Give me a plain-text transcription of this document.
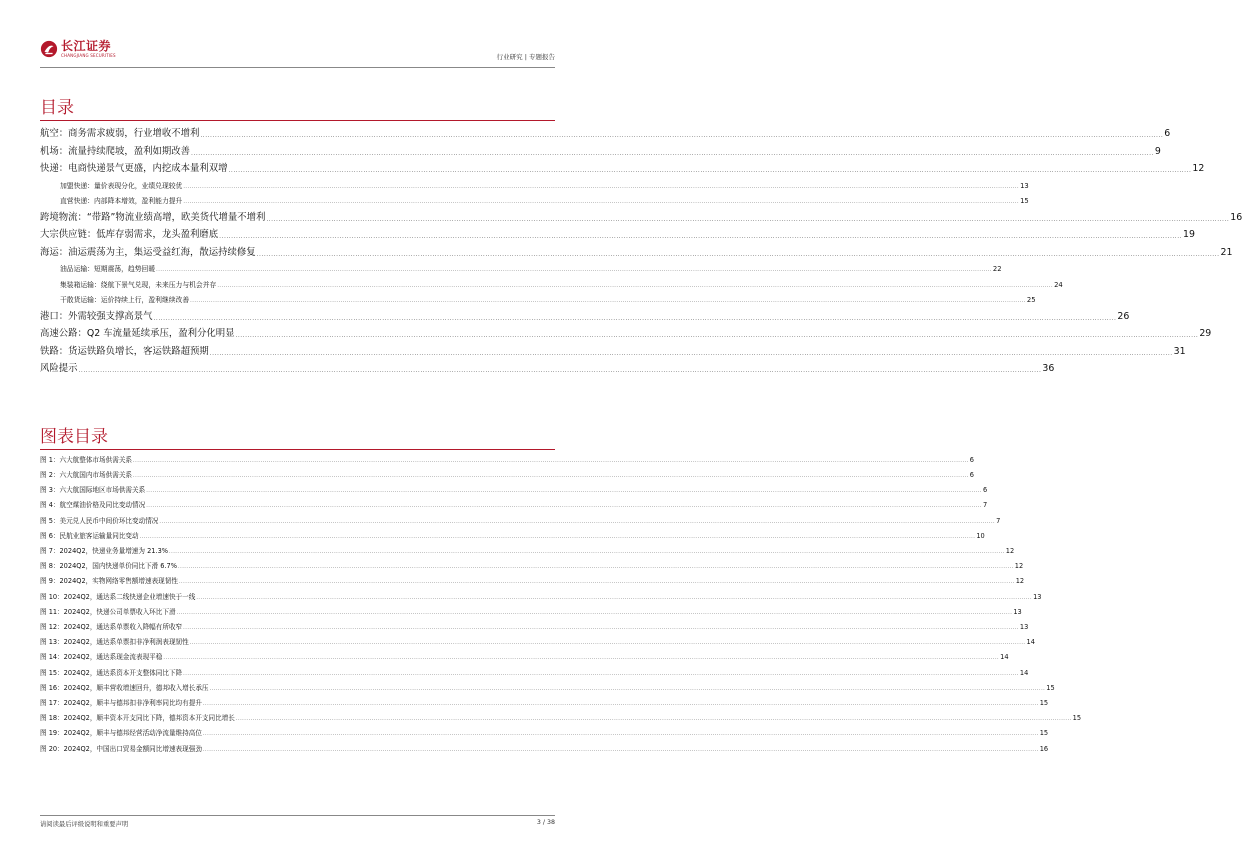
长江证券
CHANGJIANG SECURITIES	行业研究 | 专题报告
目录
航空：商务需求疲弱，行业增收不增利 ................................................................................................................................................................................................................................................................................................................................................................................................................ 6
机场：流量持续爬坡，盈利如期改善 ................................................................................................................................................................................................................................................................................................................................................................................................................ 9
快递：电商快递景气更盛，内挖成本量利双增 ................................................................................................................................................................................................................................................................................................................................................................................................................ 12
加盟快递：量价表现分化，业绩兑现较优 ................................................................................................................................................................................................................................................................................................................................................................................................................ 13
直营快递：内部降本增效，盈利能力提升 ................................................................................................................................................................................................................................................................................................................................................................................................................ 15
跨境物流：“带路”物流业绩高增，欧美货代增量不增利 ................................................................................................................................................................................................................................................................................................................................................................................................................ 16
大宗供应链：低库存弱需求，龙头盈利磨底 ................................................................................................................................................................................................................................................................................................................................................................................................................ 19
海运：油运震荡为主，集运受益红海，散运持续修复 ................................................................................................................................................................................................................................................................................................................................................................................................................ 21
油品运输：短期震荡，趋势回暖 ................................................................................................................................................................................................................................................................................................................................................................................................................ 22
集装箱运输：绕航下景气兑现，未来压力与机会并存 ................................................................................................................................................................................................................................................................................................................................................................................................................ 24
干散货运输：运价持续上行，盈利继续改善 ................................................................................................................................................................................................................................................................................................................................................................................................................ 25
港口：外需较强支撑高景气 ................................................................................................................................................................................................................................................................................................................................................................................................................ 26
高速公路：Q2 车流量延续承压，盈利分化明显 ................................................................................................................................................................................................................................................................................................................................................................................................................ 29
铁路：货运铁路负增长，客运铁路超预期 ................................................................................................................................................................................................................................................................................................................................................................................................................ 31
风险提示 ................................................................................................................................................................................................................................................................................................................................................................................................................ 36
图表目录
图 1：六大航整体市场供需关系 ................................................................................................................................................................................................................................................................................................................................................................................................................ 6
图 2：六大航国内市场供需关系 ................................................................................................................................................................................................................................................................................................................................................................................................................ 6
图 3：六大航国际地区市场供需关系 ................................................................................................................................................................................................................................................................................................................................................................................................................ 6
图 4：航空煤油价格及同比变动情况 ................................................................................................................................................................................................................................................................................................................................................................................................................ 7
图 5：美元兑人民币中间价环比变动情况 ................................................................................................................................................................................................................................................................................................................................................................................................................ 7
图 6：民航业旅客运输量同比变动 ................................................................................................................................................................................................................................................................................................................................................................................................................ 10
图 7：2024Q2，快递业务量增速为 21.3% ................................................................................................................................................................................................................................................................................................................................................................................................................ 12
图 8：2024Q2，国内快递单价同比下滑 6.7% ................................................................................................................................................................................................................................................................................................................................................................................................................ 12
图 9：2024Q2，实物网络零售额增速表现韧性 ................................................................................................................................................................................................................................................................................................................................................................................................................ 12
图 10：2024Q2，通达系二线快递企业增速快于一线 ................................................................................................................................................................................................................................................................................................................................................................................................................ 13
图 11：2024Q2，快递公司单票收入环比下滑 ................................................................................................................................................................................................................................................................................................................................................................................................................ 13
图 12：2024Q2，通达系单票收入降幅有所收窄 ................................................................................................................................................................................................................................................................................................................................................................................................................ 13
图 13：2024Q2，通达系单票扣非净利润表现韧性 ................................................................................................................................................................................................................................................................................................................................................................................................................ 14
图 14：2024Q2，通达系现金流表现平稳 ................................................................................................................................................................................................................................................................................................................................................................................................................ 14
图 15：2024Q2，通达系资本开支整体同比下降 ................................................................................................................................................................................................................................................................................................................................................................................................................ 14
图 16：2024Q2，顺丰营收增速回升，德邦收入增长承压 ................................................................................................................................................................................................................................................................................................................................................................................................................ 15
图 17：2024Q2，顺丰与德邦扣非净利率同比均有提升 ................................................................................................................................................................................................................................................................................................................................................................................................................ 15
图 18：2024Q2，顺丰资本开支同比下降，德邦资本开支同比增长 ................................................................................................................................................................................................................................................................................................................................................................................................................ 15
图 19：2024Q2，顺丰与德邦经营活动净流量维持高位 ................................................................................................................................................................................................................................................................................................................................................................................................................ 15
图 20：2024Q2，中国出口贸易金额同比增速表现强劲 ................................................................................................................................................................................................................................................................................................................................................................................................................ 16
请阅读最后评级说明和重要声明	3 / 38
